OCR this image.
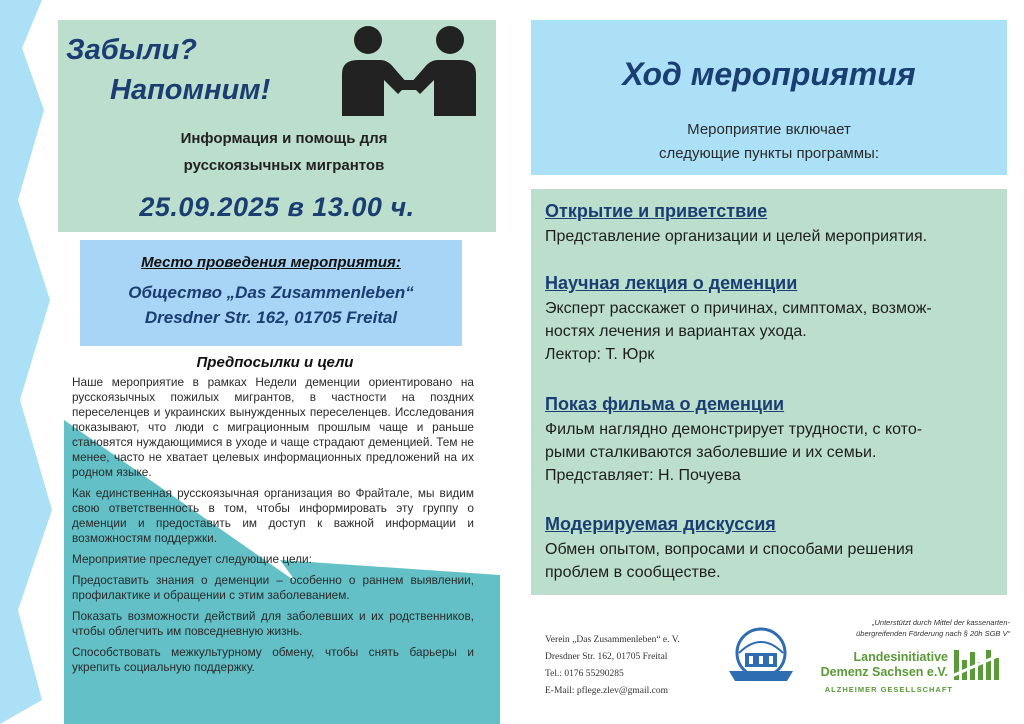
Забыли?
Напомним!
Информация и помощь для
русскоязычных мигрантов
25.09.2025 в 13.00 ч.
Место проведения мероприятия:
Общество „Das Zusammenleben“
Dresdner Str. 162, 01705 Freital
Предпосылки и цели

Наше мероприятие в рамках Недели деменции ориентировано на русскоязычных пожилых мигрантов, в частности на поздних переселенцев и украинских вынужденных переселенцев. Исследования показывают, что люди с миграционным прошлым чаще и раньше становятся нуждающимися в уходе и чаще страдают деменцией. Тем не менее, часто не хватает целевых информационных предложений на их родном языке.

Как единственная русскоязычная организация во Фрайтале, мы видим свою ответственность в том, чтобы информировать эту группу о деменции и предоставить им доступ к важной информации и возможностям поддержки.

Мероприятие преследует следующие цели:

Предоставить знания о деменции – особенно о раннем выявлении, профилактике и обращении с этим заболеванием.

Показать возможности действий для заболевших и их родственников, чтобы облегчить им повседневную жизнь.

Способствовать межкультурному обмену, чтобы снять барьеры и укрепить социальную поддержку.

Ход мероприятия
Мероприятие включает
следующие пункты программы:
Открытие и приветствие
Представление организации и целей мероприятия.
Научная лекция о деменции
Эксперт расскажет о причинах, симптомах, возмож-
ностях лечения и вариантах ухода.
Лектор: Т. Юрк
Показ фильма о деменции
Фильм наглядно демонстрирует трудности, с кото-
рыми сталкиваются заболевшие и их семьи.
Представляет: Н. Почуева
Модерируемая дискуссия
Обмен опытом, вопросами и способами решения
проблем в сообществе.
Verein „Das Zusammenleben“ e. V.
Dresdner Str. 162, 01705 Freital
Tel.: 0176 55290285
E-Mail: pflege.zlev@gmail.com
„Unterstützt durch Mittel der kassenarten-
übergreifenden Förderung nach § 20h SGB V“
Landesinitiative
Demenz Sachsen e.V.
ALZHEIMER GESELLSCHAFT
